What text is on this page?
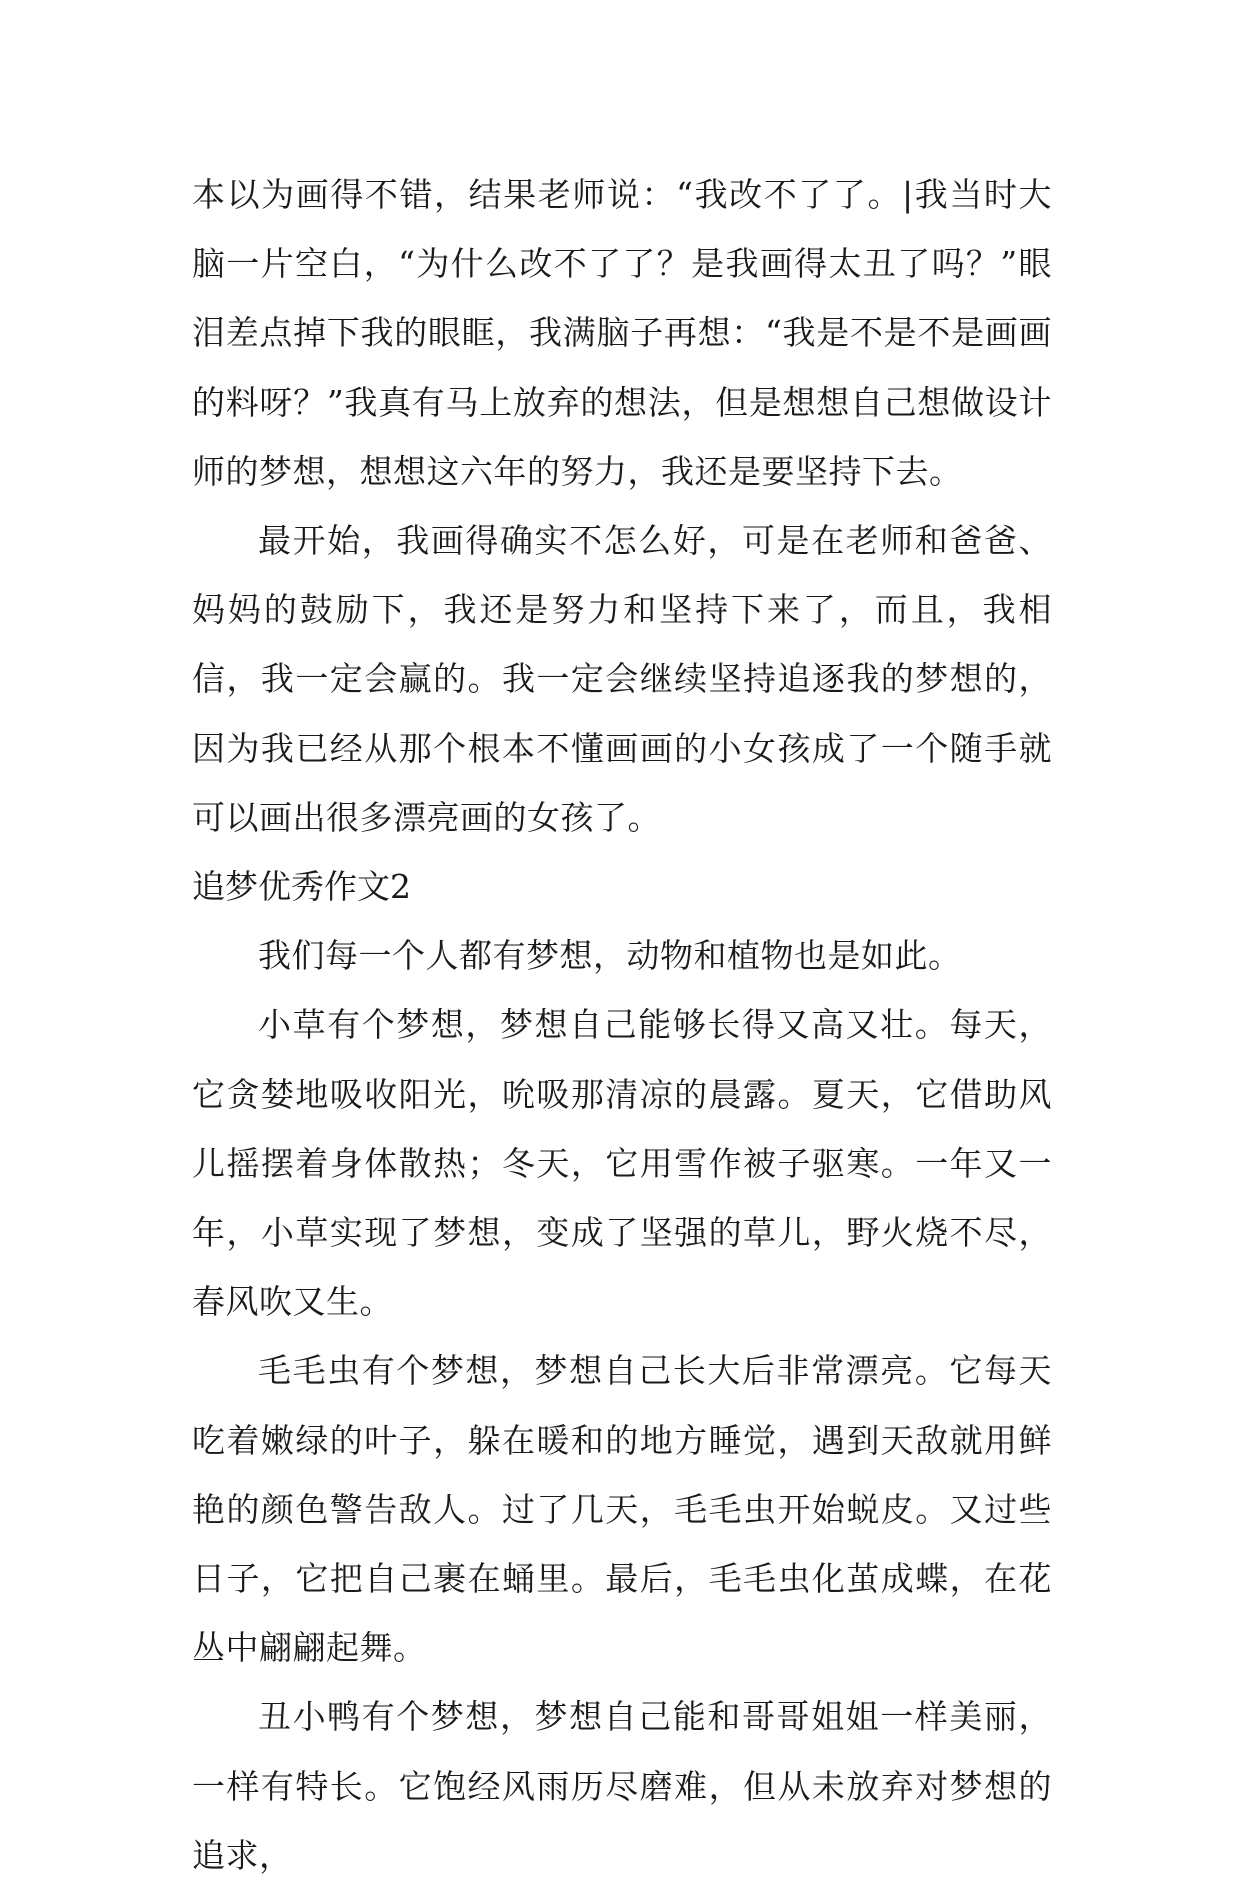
本以为画得不错，结果老师说：“我改不了了。|我当时大脑一片空白，“为什么改不了了？是我画得太丑了吗？”眼泪差点掉下我的眼眶，我满脑子再想：“我是不是不是画画的料呀？”我真有马上放弃的想法，但是想想自己想做设计师的梦想，想想这六年的努力，我还是要坚持下去。

最开始，我画得确实不怎么好，可是在老师和爸爸、妈妈的鼓励下，我还是努力和坚持下来了，而且，我相信，我一定会赢的。我一定会继续坚持追逐我的梦想的，因为我已经从那个根本不懂画画的小女孩成了一个随手就可以画出很多漂亮画的女孩了。

追梦优秀作文2

我们每一个人都有梦想，动物和植物也是如此。

小草有个梦想，梦想自己能够长得又高又壮。每天，它贪婪地吸收阳光，吮吸那清凉的晨露。夏天，它借助风儿摇摆着身体散热；冬天，它用雪作被子驱寒。一年又一年，小草实现了梦想，变成了坚强的草儿，野火烧不尽，春风吹又生。

毛毛虫有个梦想，梦想自己长大后非常漂亮。它每天吃着嫩绿的叶子，躲在暖和的地方睡觉，遇到天敌就用鲜艳的颜色警告敌人。过了几天，毛毛虫开始蜕皮。又过些日子，它把自己裹在蛹里。最后，毛毛虫化茧成蝶，在花丛中翩翩起舞。

丑小鸭有个梦想，梦想自己能和哥哥姐姐一样美丽，一样有特长。它饱经风雨历尽磨难，但从未放弃对梦想的追求，
